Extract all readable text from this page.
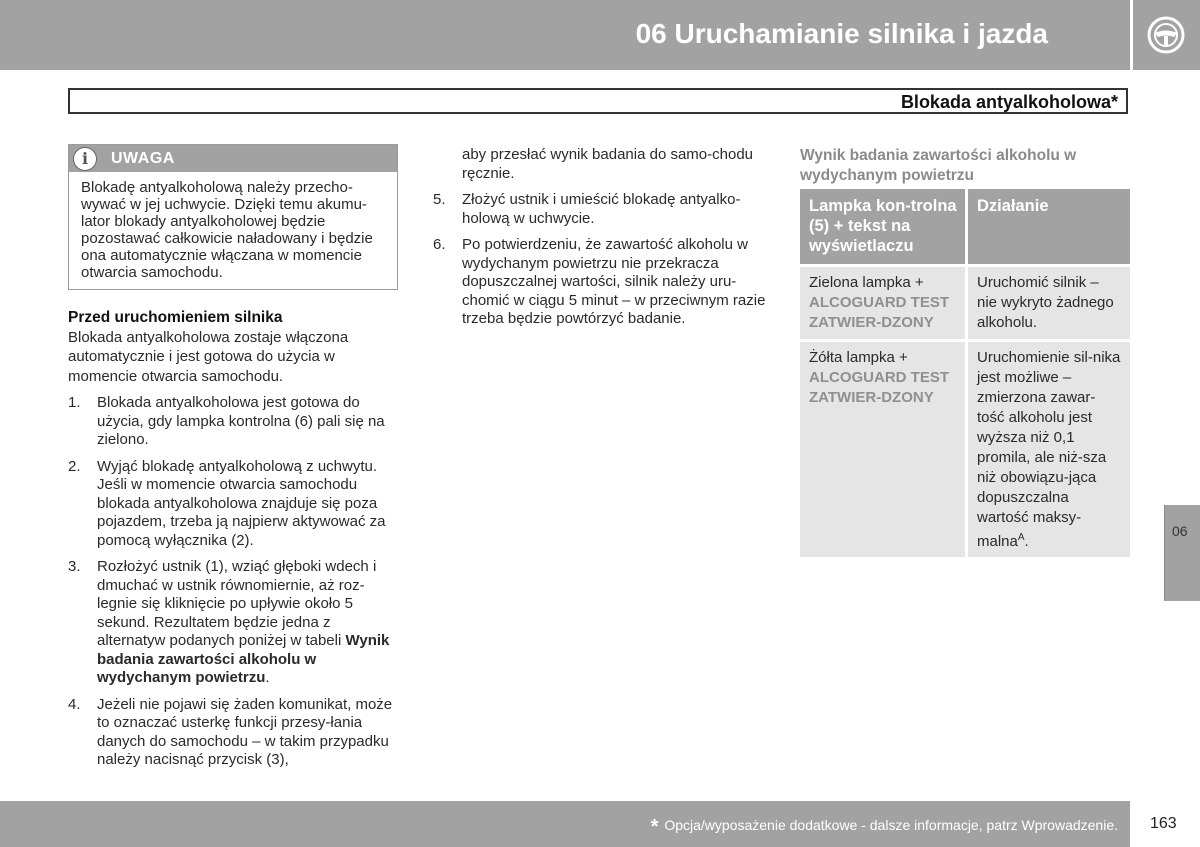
06 Uruchamianie silnika i jazda
Blokada antyalkoholowa*
i	UWAGA
Blokadę antyalkoholową należy przecho-wywać w jej uchwycie. Dzięki temu akumu-lator blokady antyalkoholowej będzie pozostawać całkowicie naładowany i będzie ona automatycznie włączana w momencie otwarcia samochodu.
Przed uruchomieniem silnika

Blokada antyalkoholowa zostaje włączona automatycznie i jest gotowa do użycia w momencie otwarcia samochodu.

1. Blokada antyalkoholowa jest gotowa do użycia, gdy lampka kontrolna (6) pali się na zielono.
2. Wyjąć blokadę antyalkoholową z uchwytu. Jeśli w momencie otwarcia samochodu blokada antyalkoholowa znajduje się poza pojazdem, trzeba ją najpierw aktywować za pomocą wyłącznika (2).
3. Rozłożyć ustnik (1), wziąć głęboki wdech i dmuchać w ustnik równomiernie, aż roz-legnie się kliknięcie po upływie około 5 sekund. Rezultatem będzie jedna z alternatyw podanych poniżej w tabeli Wynik badania zawartości alkoholu w wydychanym powietrzu.
4. Jeżeli nie pojawi się żaden komunikat, może to oznaczać usterkę funkcji przesy-łania danych do samochodu – w takim przypadku należy nacisnąć przycisk (3),

aby przesłać wynik badania do samo-chodu ręcznie.

5. Złożyć ustnik i umieścić blokadę antyalko-holową w uchwycie.
6. Po potwierdzeniu, że zawartość alkoholu w wydychanym powietrzu nie przekracza dopuszczalnej wartości, silnik należy uru-chomić w ciągu 5 minut – w przeciwnym razie trzeba będzie powtórzyć badanie.
Wynik badania zawartości alkoholu w wydychanym powietrzu
Lampka kon-trolna (5) + tekst na wyświetlaczu	Działanie
Zielona lampka +
ALCOGUARD TEST ZATWIER-DZONY	Uruchomić silnik – nie wykryto żadnego alkoholu.
Żółta lampka +
ALCOGUARD TEST ZATWIER-DZONY	Uruchomienie sil-nika jest możliwe – zmierzona zawar-tość alkoholu jest wyższa niż 0,1 promila, ale niż-sza niż obowiązu-jąca dopuszczalna wartość maksy-malna$^A$.
06
* Opcja/wyposażenie dodatkowe - dalsze informacje, patrz Wprowadzenie. 163
